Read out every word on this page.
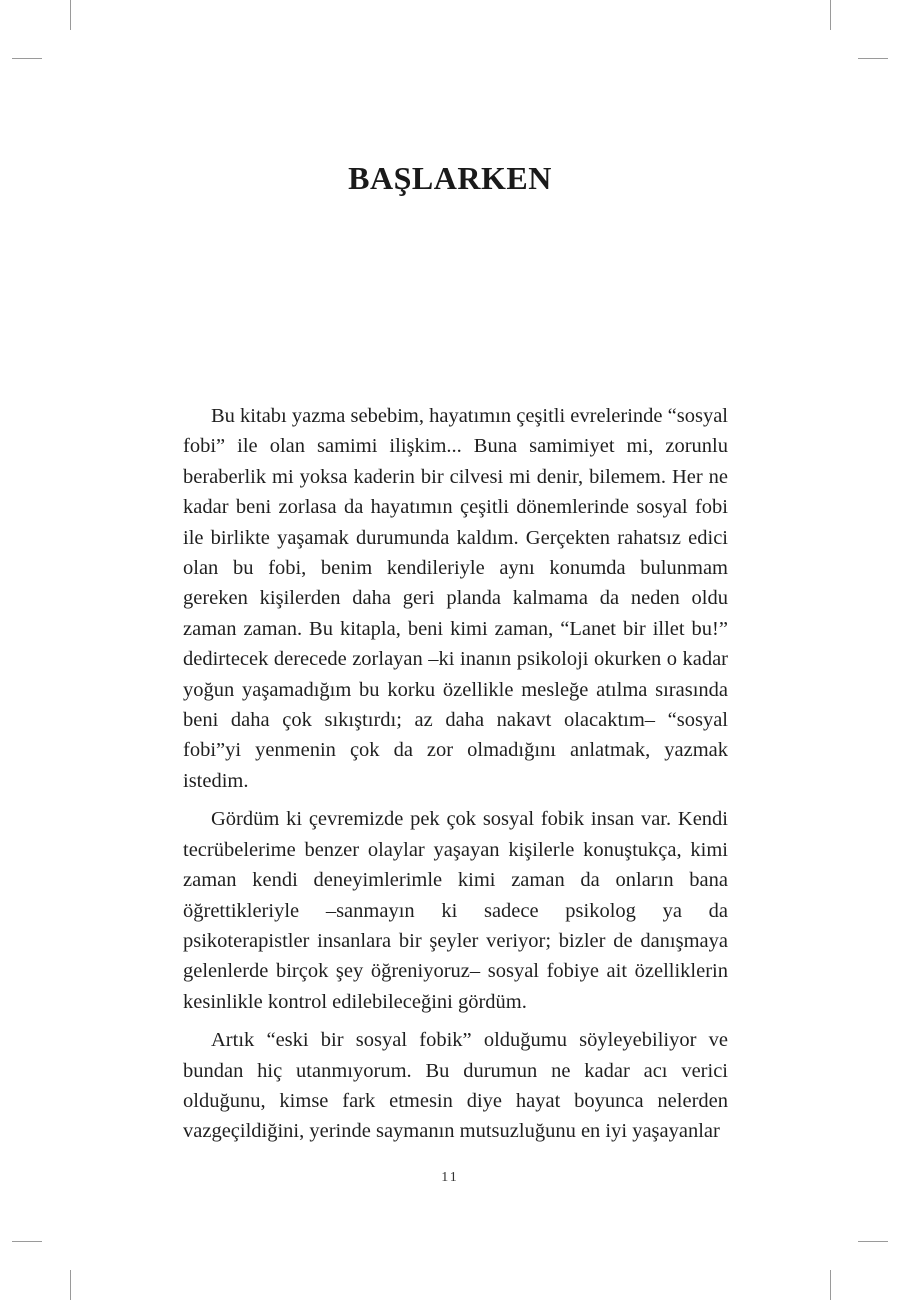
BAŞLARKEN

Bu kitabı yazma sebebim, hayatımın çeşitli evrelerinde “sosyal fobi” ile olan samimi ilişkim... Buna samimiyet mi, zorunlu beraberlik mi yoksa kaderin bir cilvesi mi denir, bilemem. Her ne kadar beni zorlasa da hayatımın çeşitli dönemlerinde sosyal fobi ile birlikte yaşamak durumunda kaldım. Gerçekten rahatsız edici olan bu fobi, benim kendileriyle aynı konumda bulunmam gereken kişilerden daha geri planda kalmama da neden oldu zaman zaman. Bu kitapla, beni kimi zaman, “Lanet bir illet bu!” dedirtecek derecede zorlayan –ki inanın psikoloji okurken o kadar yoğun yaşamadığım bu korku özellikle mesleğe atılma sırasında beni daha çok sıkıştırdı; az daha nakavt olacaktım– “sosyal fobi”yi yenmenin çok da zor olmadığını anlatmak, yazmak istedim.

Gördüm ki çevremizde pek çok sosyal fobik insan var. Kendi tecrübelerime benzer olaylar yaşayan kişilerle konuştukça, kimi zaman kendi deneyimlerimle kimi zaman da onların bana öğrettikleriyle –sanmayın ki sadece psikolog ya da psikoterapistler insanlara bir şeyler veriyor; bizler de danışmaya gelenlerde birçok şey öğreniyoruz– sosyal fobiye ait özelliklerin kesinlikle kontrol edilebileceğini gördüm.

Artık “eski bir sosyal fobik” olduğumu söyleyebiliyor ve bundan hiç utanmıyorum. Bu durumun ne kadar acı verici olduğunu, kimse fark etmesin diye hayat boyunca nelerden vazgeçildiğini, yerinde saymanın mutsuzluğunu en iyi yaşayanlar

11
